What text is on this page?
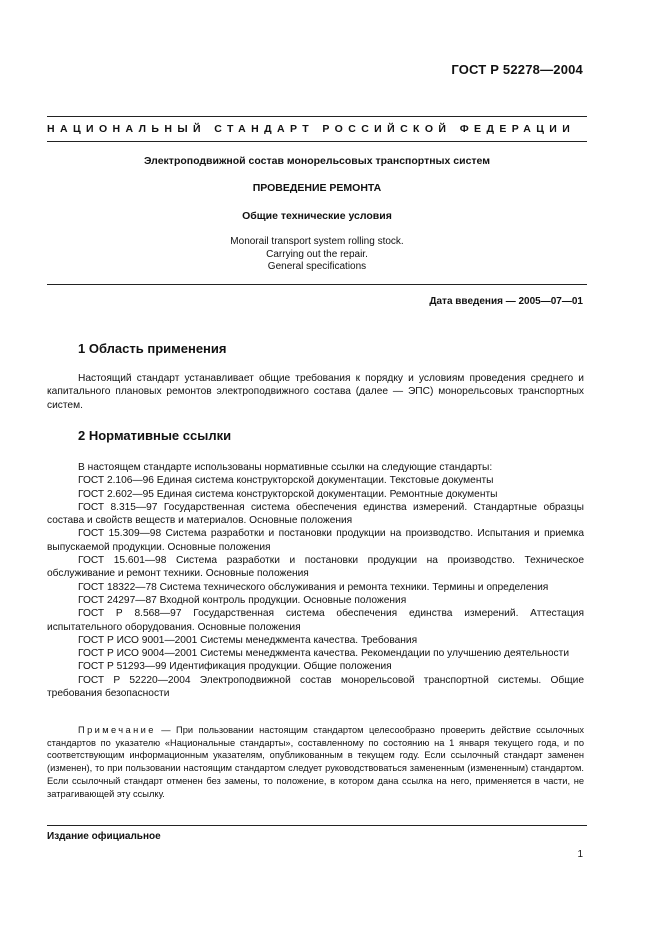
ГОСТ Р 52278—2004
НАЦИОНАЛЬНЫЙ СТАНДАРТ РОССИЙСКОЙ ФЕДЕРАЦИИ
Электроподвижной состав монорельсовых транспортных систем
ПРОВЕДЕНИЕ РЕМОНТА
Общие технические условия
Monorail transport system rolling stock.
Carrying out the repair.
General specifications
Дата введения — 2005—07—01
1 Область применения
Настоящий стандарт устанавливает общие требования к порядку и условиям проведения среднего и капитального плановых ремонтов электроподвижного состава (далее — ЭПС) монорельсовых транспортных систем.
2 Нормативные ссылки
В настоящем стандарте использованы нормативные ссылки на следующие стандарты:
ГОСТ 2.106—96 Единая система конструкторской документации. Текстовые документы
ГОСТ 2.602—95 Единая система конструкторской документации. Ремонтные документы
ГОСТ 8.315—97 Государственная система обеспечения единства измерений. Стандартные образцы состава и свойств веществ и материалов. Основные положения
ГОСТ 15.309—98 Система разработки и постановки продукции на производство. Испытания и приемка выпускаемой продукции. Основные положения
ГОСТ 15.601—98 Система разработки и постановки продукции на производство. Техническое обслуживание и ремонт техники. Основные положения
ГОСТ 18322—78 Система технического обслуживания и ремонта техники. Термины и определения
ГОСТ 24297—87 Входной контроль продукции. Основные положения
ГОСТ Р 8.568—97 Государственная система обеспечения единства измерений. Аттестация испытательного оборудования. Основные положения
ГОСТ Р ИСО 9001—2001 Системы менеджмента качества. Требования
ГОСТ Р ИСО 9004—2001 Системы менеджмента качества. Рекомендации по улучшению деятельности
ГОСТ Р 51293—99 Идентификация продукции. Общие положения
ГОСТ Р 52220—2004 Электроподвижной состав монорельсовой транспортной системы. Общие требования безопасности
Примечание — При пользовании настоящим стандартом целесообразно проверить действие ссылочных стандартов по указателю «Национальные стандарты», составленному по состоянию на 1 января текущего года, и по соответствующим информационным указателям, опубликованным в текущем году. Если ссылочный стандарт заменен (изменен), то при пользовании настоящим стандартом следует руководствоваться замененным (измененным) стандартом. Если ссылочный стандарт отменен без замены, то положение, в котором дана ссылка на него, применяется в части, не затрагивающей эту ссылку.
Издание официальное
1
